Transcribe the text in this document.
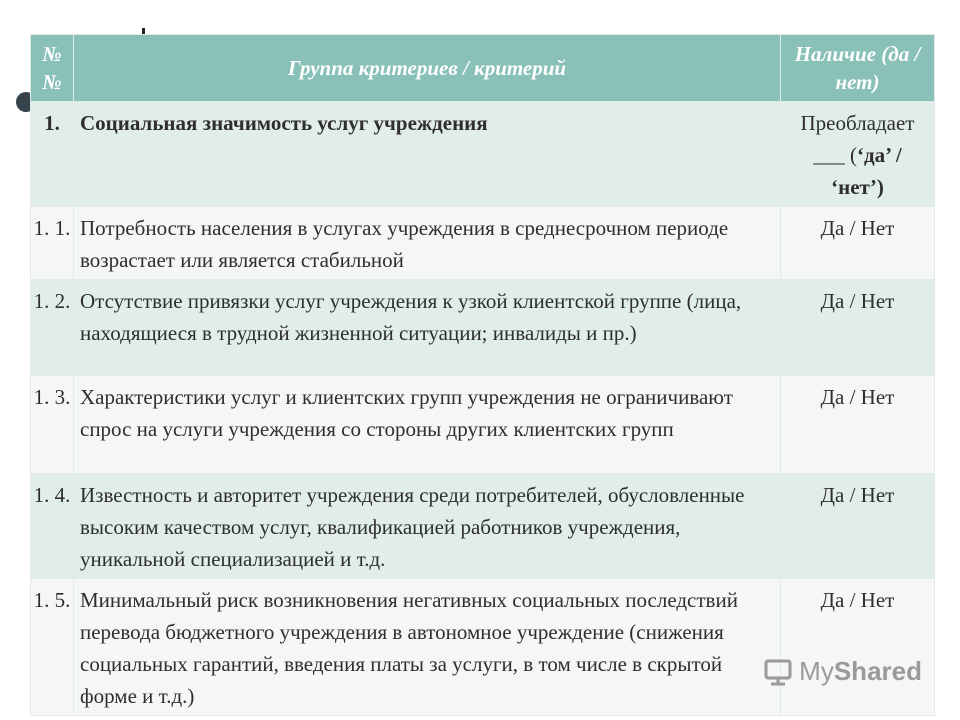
№ №	Группа критериев / критерий	Наличие (да / нет)
1.	Социальная значимость услуг учреждения	Преобладает ___ (‘да’ / ‘нет’)
1. 1.	Потребность населения в услугах учреждения в среднесрочном периоде возрастает или является стабильной	Да / Нет
1. 2.	Отсутствие привязки услуг учреждения к узкой клиентской группе (лица, находящиеся в трудной жизненной ситуации; инвалиды и пр.)	Да / Нет
1. 3.	Характеристики услуг и клиентских групп учреждения не ограничивают спрос на услуги учреждения со стороны других клиентских групп	Да / Нет
1. 4.	Известность и авторитет учреждения среди потребителей, обусловленные высоким качеством услуг, квалификацией работников учреждения, уникальной специализацией и т.д.	Да / Нет
1. 5.	Минимальный риск возникновения негативных социальных последствий перевода бюджетного учреждения в автономное учреждение (снижения социальных гарантий, введения платы за услуги, в том числе в скрытой форме и т.д.)	Да / Нет
My Shared
